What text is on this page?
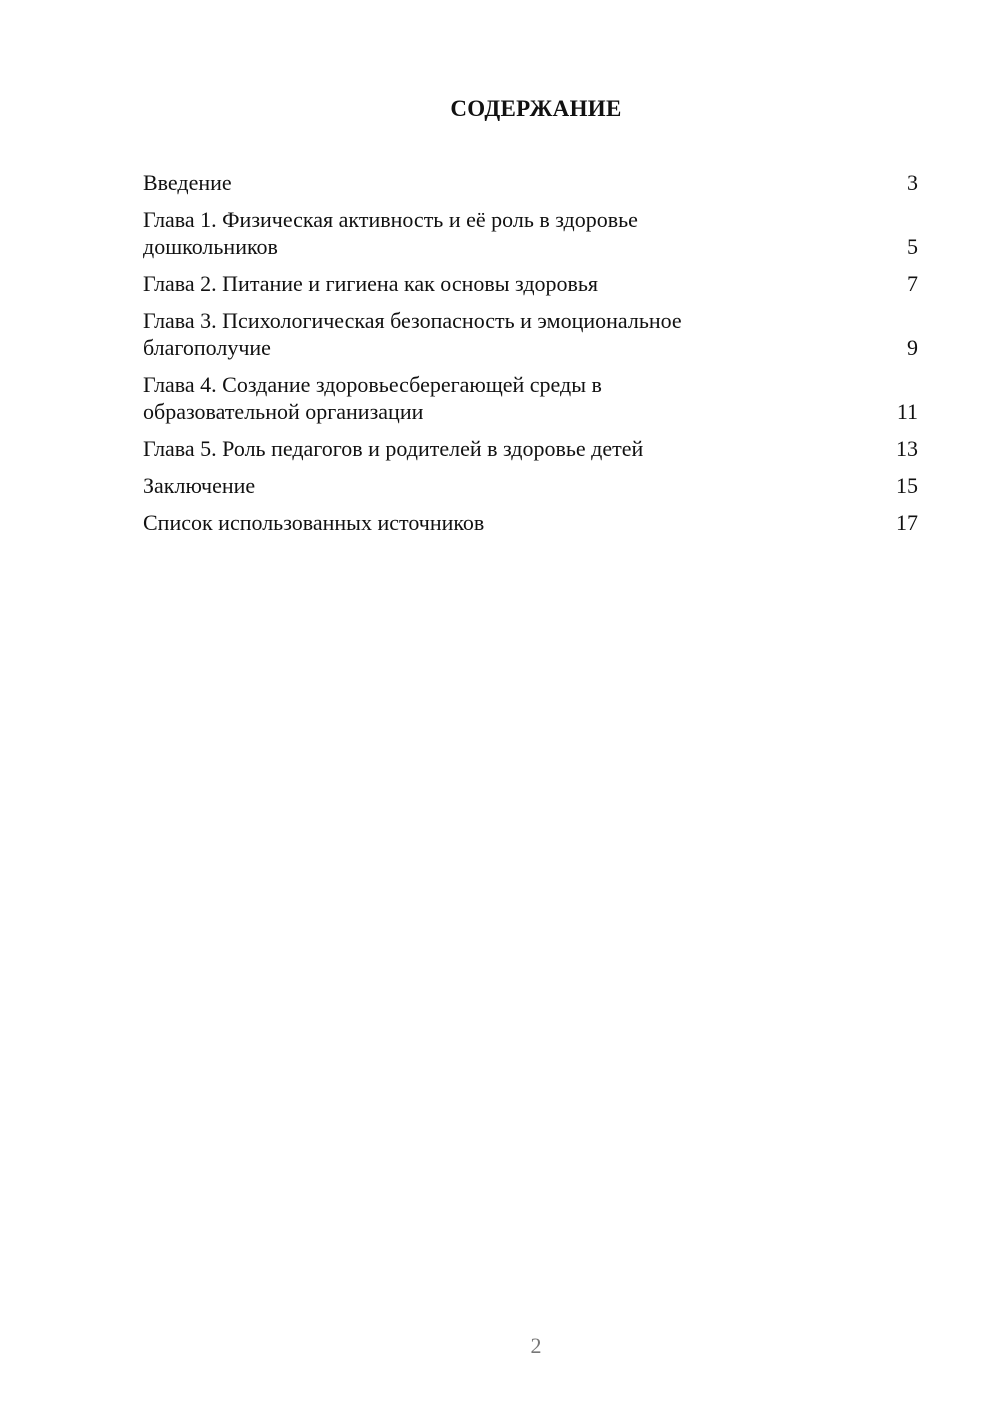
СОДЕРЖАНИЕ
Введение	3
Глава 1. Физическая активность и её роль в здоровье
дошкольников	5
Глава 2. Питание и гигиена как основы здоровья	7
Глава 3. Психологическая безопасность и эмоциональное
благополучие	9
Глава 4. Создание здоровьесберегающей среды в
образовательной организации	11
Глава 5. Роль педагогов и родителей в здоровье детей	13
Заключение	15
Список использованных источников	17
2
